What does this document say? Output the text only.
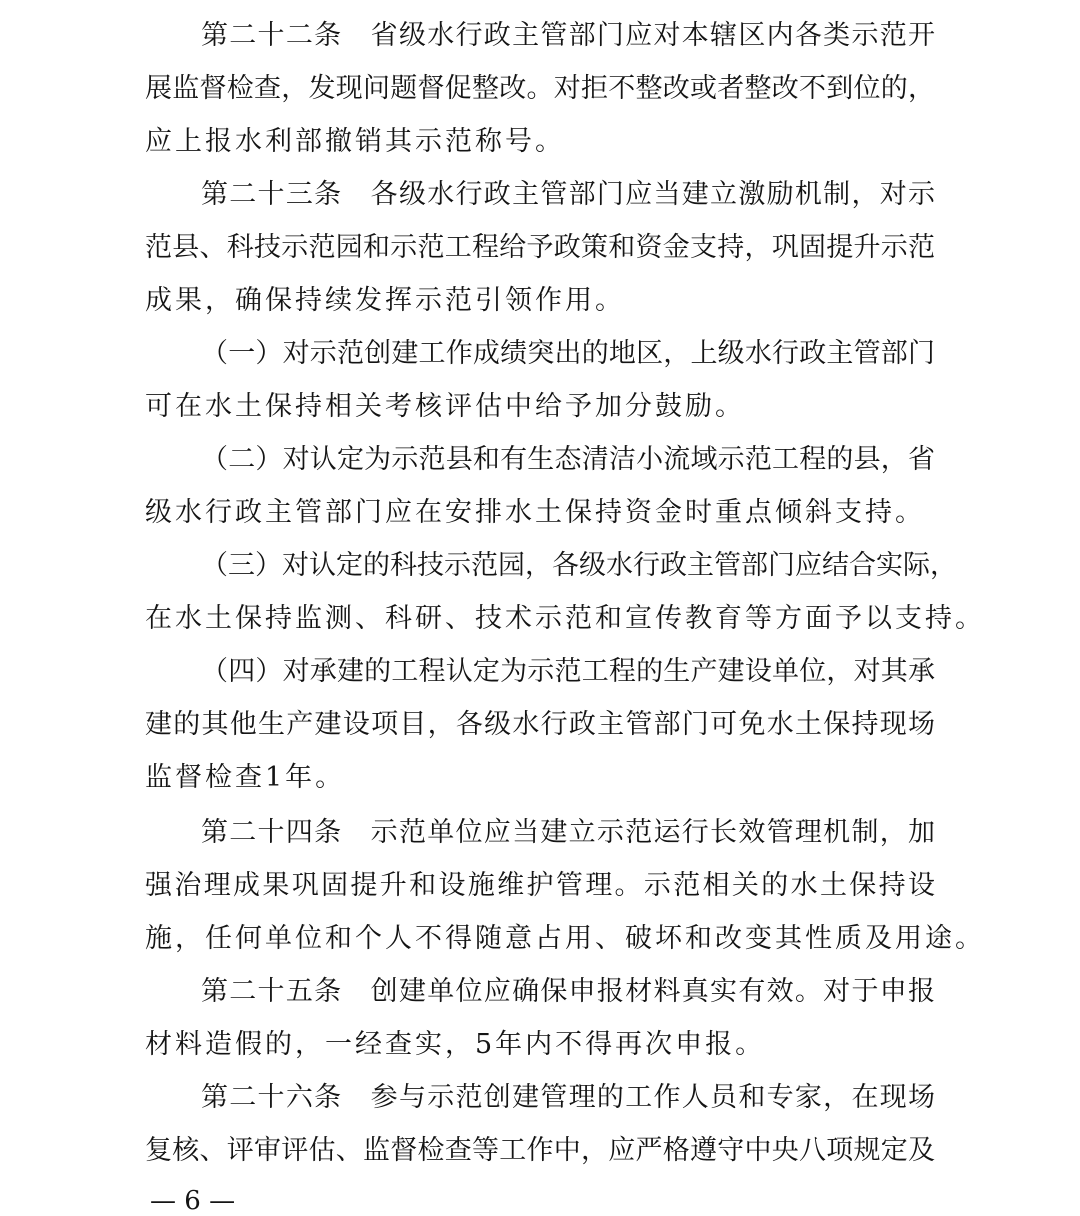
第二十二条　省级水行政主管部门应对本辖区内各类示范开
展监督检查，发现问题督促整改。对拒不整改或者整改不到位的，
应上报水利部撤销其示范称号。
第二十三条　各级水行政主管部门应当建立激励机制，对示
范县、科技示范园和示范工程给予政策和资金支持，巩固提升示范
成果，确保持续发挥示范引领作用。
（一）对示范创建工作成绩突出的地区，上级水行政主管部门
可在水土保持相关考核评估中给予加分鼓励。
（二）对认定为示范县和有生态清洁小流域示范工程的县，省
级水行政主管部门应在安排水土保持资金时重点倾斜支持。
（三）对认定的科技示范园，各级水行政主管部门应结合实际，
在水土保持监测、科研、技术示范和宣传教育等方面予以支持。
（四）对承建的工程认定为示范工程的生产建设单位，对其承
建的其他生产建设项目，各级水行政主管部门可免水土保持现场
监督检查1年。
第二十四条　示范单位应当建立示范运行长效管理机制，加
强治理成果巩固提升和设施维护管理。示范相关的水土保持设
施，任何单位和个人不得随意占用、破坏和改变其性质及用途。
第二十五条　创建单位应确保申报材料真实有效。对于申报
材料造假的，一经查实，5年内不得再次申报。
第二十六条　参与示范创建管理的工作人员和专家，在现场
复核、评审评估、监督检查等工作中，应严格遵守中央八项规定及
— 6 —
